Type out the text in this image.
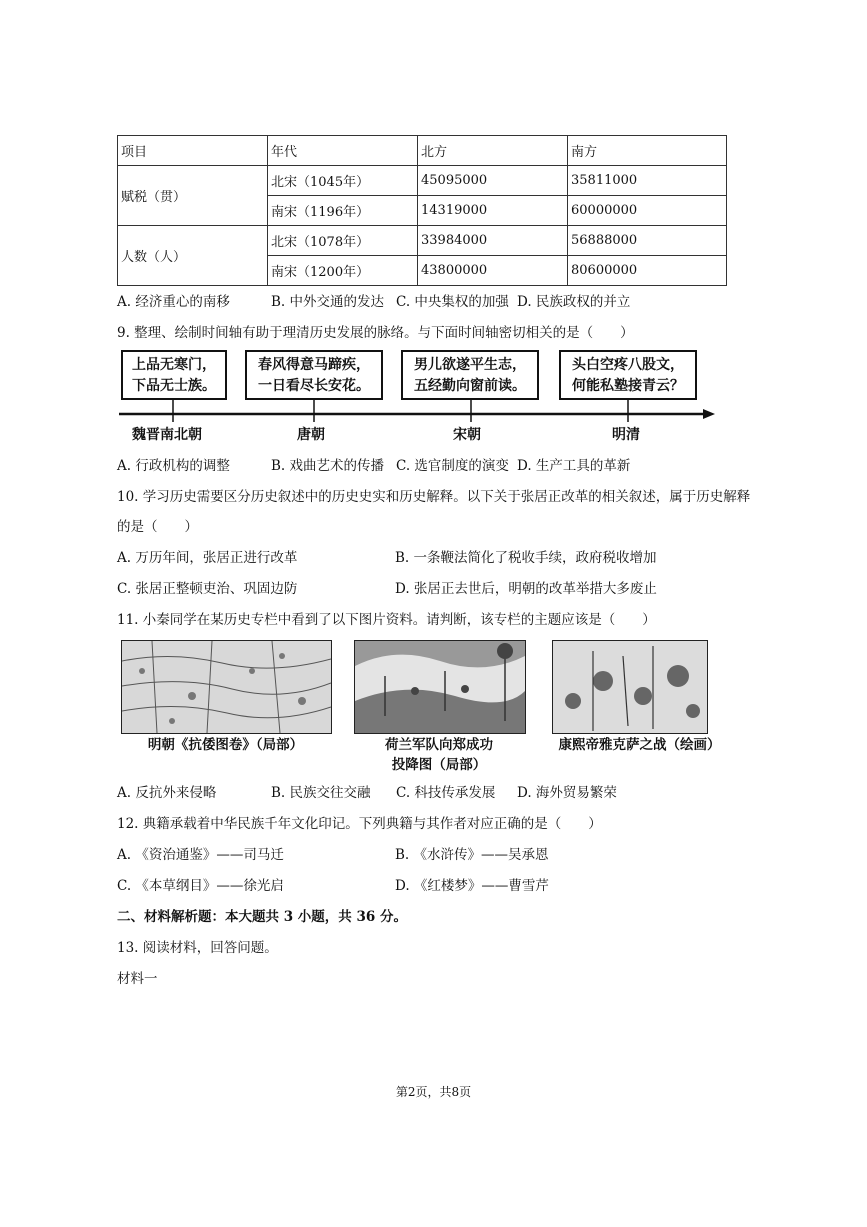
项目	年代	北方	南方
赋税（贯）	北宋（1045年）	45095000	35811000
	南宋（1196年）	14319000	60000000
人数（人）	北宋（1078年）	33984000	56888000
	南宋（1200年）	43800000	80600000
A. 经济重心的南移	B. 中外交通的发达 C. 中央集权的加强 D. 民族政权的并立
9. 整理、绘制时间轴有助于理清历史发展的脉络。与下面时间轴密切相关的是（　　）
上品无寒门，
下品无士族。
春风得意马蹄疾，
一日看尽长安花。
男儿欲遂平生志，
五经勤向窗前读。
头白空疼八股文，
何能私塾接青云？
魏晋南北朝	唐朝	宋朝	明清
A. 行政机构的调整	B. 戏曲艺术的传播 C. 选官制度的演变 D. 生产工具的革新
10. 学习历史需要区分历史叙述中的历史史实和历史解释。以下关于张居正改革的相关叙述，属于历史解释
的是（　　）
A. 万历年间，张居正进行改革	B. 一条鞭法简化了税收手续，政府税收增加
C. 张居正整顿吏治、巩固边防	D. 张居正去世后，明朝的改革举措大多废止
11. 小秦同学在某历史专栏中看到了以下图片资料。请判断，该专栏的主题应该是（　　）
明朝《抗倭图卷》（局部）	荷兰军队向郑成功
投降图（局部）
康熙帝雅克萨之战（绘画）
A. 反抗外来侵略	B. 民族交往交融 C. 科技传承发展 D. 海外贸易繁荣
12. 典籍承载着中华民族千年文化印记。下列典籍与其作者对应正确的是（　　）
A. 《资治通鉴》——司马迁	B. 《水浒传》——吴承恩
C. 《本草纲目》——徐光启	D. 《红楼梦》——曹雪芹
二、材料解析题：本大题共 3 小题，共 36 分。
13. 阅读材料，回答问题。
材料一
第2页，共8页
